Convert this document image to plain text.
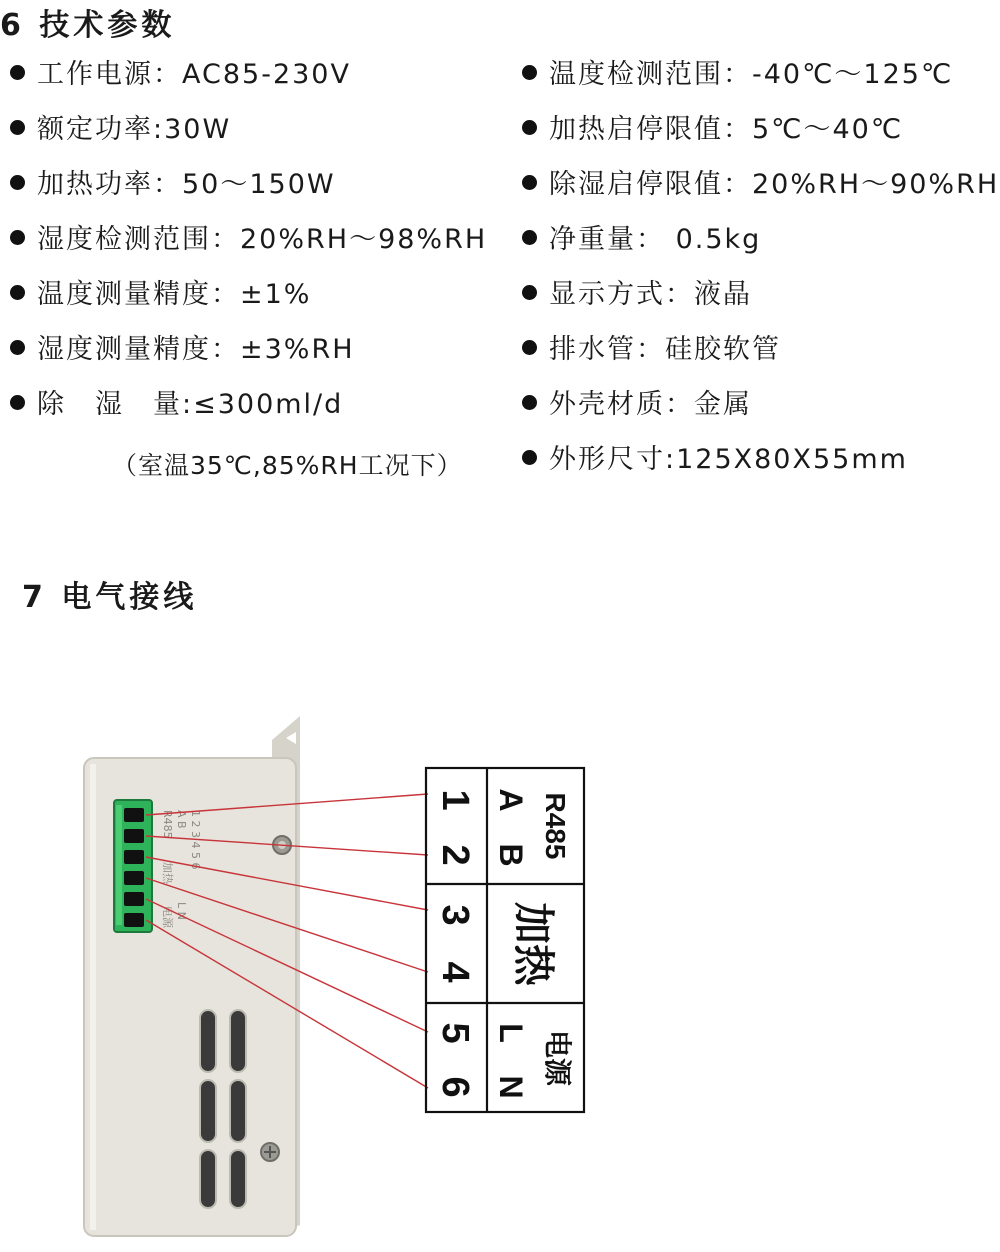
6 技术参数
工作电源：AC85-230V
额定功率:30W
加热功率：50～150W
湿度检测范围：20%RH～98%RH
温度测量精度：±1%
湿度测量精度：±3%RH
除　湿　量:≤300ml/d
（室温35℃,85%RH工况下）
温度检测范围：-40℃～125℃
加热启停限值：5℃～40℃
除湿启停限值：20%RH～90%RH
净重量： 0.5kg
显示方式：液晶
排水管：硅胶软管
外壳材质：金属
外形尺寸:125X80X55mm
7 电气接线
R485 A B 1 2 3 4 5 6
加热
L N
电源
1
2
3
4
5
6
A
B
L
N
R485
加热
电源
